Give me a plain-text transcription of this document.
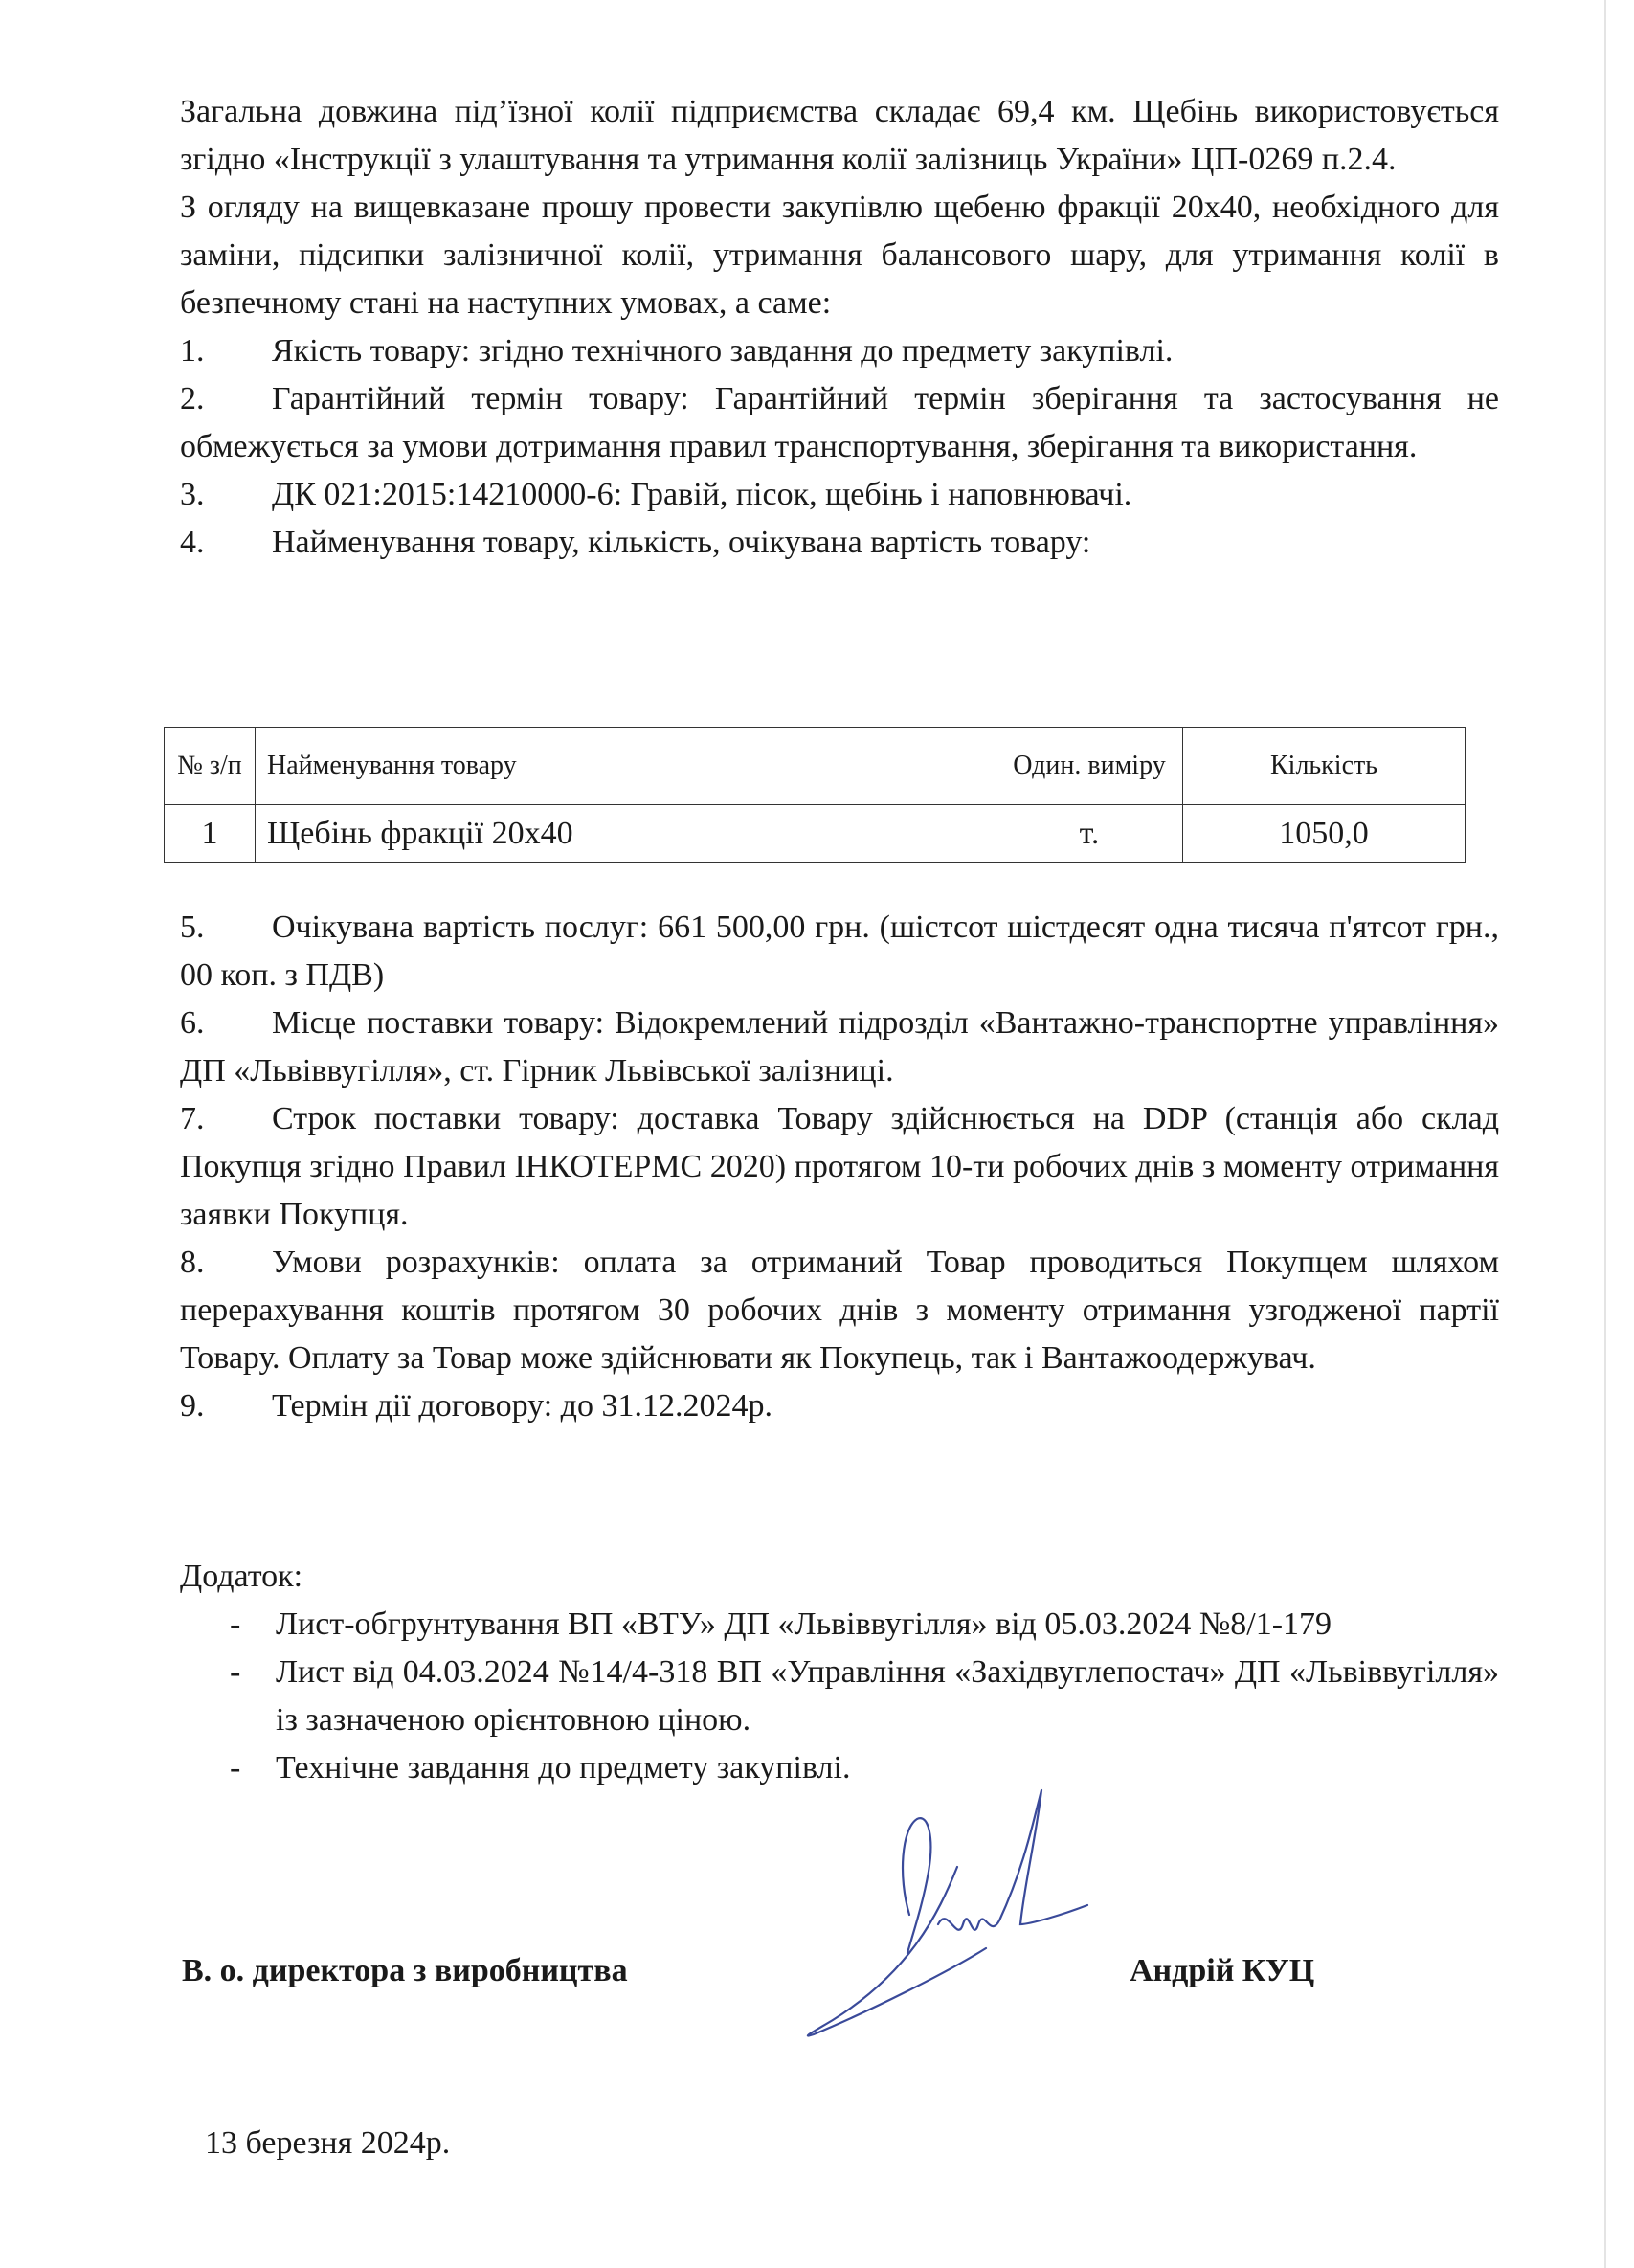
Загальна довжина під’їзної колії підприємства складає 69,4 км. Щебінь використовується згідно «Інструкції з улаштування та утримання колії залізниць України» ЦП-0269 п.2.4.

З огляду на вищевказане прошу провести закупівлю щебеню фракції 20х40, необхідного для заміни, підсипки залізничної колії, утримання балансового шару, для утримання колії в безпечному стані на наступних умовах, а саме:

1. Якість товару: згідно технічного завдання до предмету закупівлі.
2. Гарантійний термін товару: Гарантійний термін зберігання та застосування не обмежується за умови дотримання правил транспортування, зберігання та використання.
3. ДК 021:2015:14210000-6: Гравій, пісок, щебінь і наповнювачі.
4. Найменування товару, кількість, очікувана вартість товару:
№ з/п	Найменування товару	Один. виміру	Кількість
1	Щебінь фракції 20х40	т.	1050,0
5. Очікувана вартість послуг: 661 500,00 грн. (шістсот шістдесят одна тисяча п'ятсот грн., 00 коп. з ПДВ)
6. Місце поставки товару: Відокремлений підрозділ «Вантажно-транспортне управління» ДП «Львіввугілля», ст. Гірник Львівської залізниці.
7. Строк поставки товару: доставка Товару здійснюється на DDP (станція або склад Покупця згідно Правил ІНКОТЕРМС 2020) протягом 10-ти робочих днів з моменту отримання заявки Покупця.
8. Умови розрахунків: оплата за отриманий Товар проводиться Покупцем шляхом перерахування коштів протягом 30 робочих днів з моменту отримання узгодженої партії Товару. Оплату за Товар може здійснювати як Покупець, так і Вантажоодержувач.
9. Термін дії договору: до 31.12.2024р.

Додаток:

- Лист-обгрунтування ВП «ВТУ» ДП «Львіввугілля» від 05.03.2024 №8/1-179
- Лист від 04.03.2024 №14/4-318 ВП «Управління «Західвуглепостач» ДП «Львіввугілля» із зазначеною орієнтовною ціною.
- Технічне завдання до предмету закупівлі.
В. о. директора з виробництва	Андрій КУЦ
13 березня 2024р.
